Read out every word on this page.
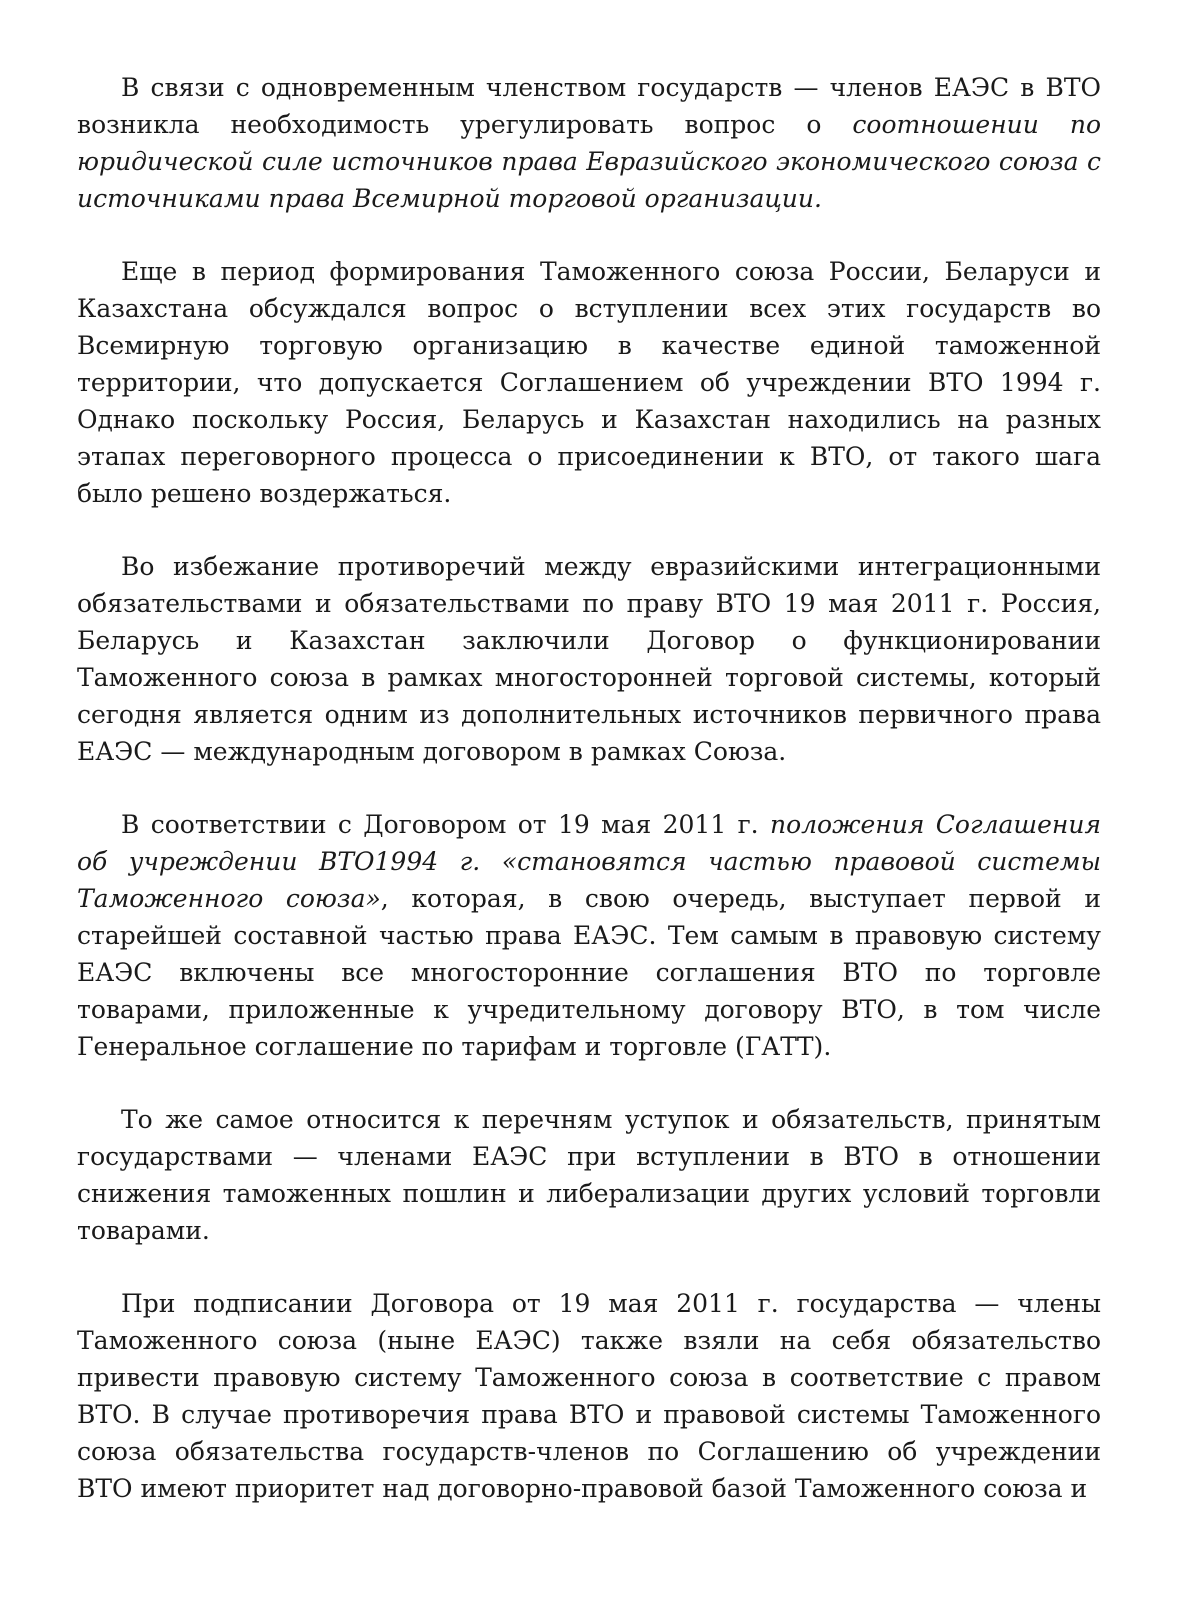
В связи с одновременным членством государств — членов ЕАЭС в ВТО возникла необходимость урегулировать вопрос о соотношении по юридической силе источников права Евразийского экономического союза с источниками права Всемирной торговой организации.

Еще в период формирования Таможенного союза России, Беларуси и Казахстана обсуждался вопрос о вступлении всех этих государств во Всемирную торговую организацию в качестве единой таможенной территории, что допускается Соглашением об учреждении ВТО 1994 г. Однако поскольку Россия, Беларусь и Казахстан находились на разных этапах переговорного процесса о присоединении к ВТО, от такого шага было решено воздержаться.

Во избежание противоречий между евразийскими интеграционными обязательствами и обязательствами по праву ВТО 19 мая 2011 г. Россия, Беларусь и Казахстан заключили Договор о функционировании Таможенного союза в рамках многосторонней торговой системы, который сегодня является одним из дополнительных источников первичного права ЕАЭС — международным договором в рамках Союза.

В соответствии с Договором от 19 мая 2011 г. положения Соглашения об учреждении ВТО1994 г. «становятся частью правовой системы Таможенного союза», которая, в свою очередь, выступает первой и старейшей составной частью права ЕАЭС. Тем самым в правовую систему ЕАЭС включены все многосторонние соглашения ВТО по торговле товарами, приложенные к учредительному договору ВТО, в том числе Генеральное соглашение по тарифам и торговле (ГАТТ).

То же самое относится к перечням уступок и обязательств, принятым государствами — членами ЕАЭС при вступлении в ВТО в отношении снижения таможенных пошлин и либерализации других условий торговли товарами.

При подписании Договора от 19 мая 2011 г. государства — члены Таможенного союза (ныне ЕАЭС) также взяли на себя обязательство привести правовую систему Таможенного союза в соответствие с правом ВТО. В случае противоречия права ВТО и правовой системы Таможенного союза обязательства государств-членов по Соглашению об учреждении ВТО имеют приоритет над договорно-правовой базой Таможенного союза и
